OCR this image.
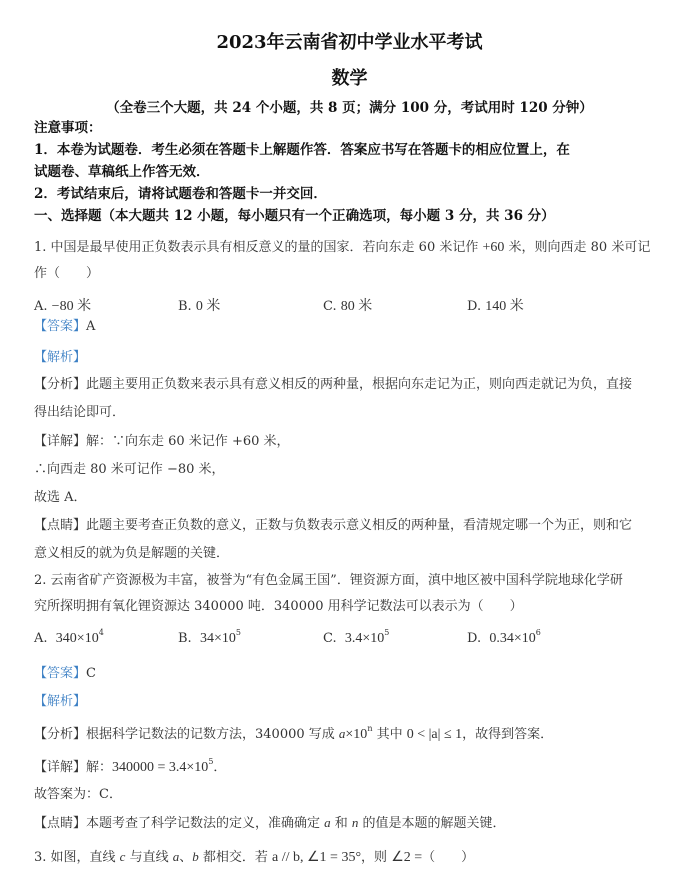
2023年云南省初中学业水平考试
数学
（全卷三个大题，共 24 个小题，共 8 页；满分 100 分，考试用时 120 分钟）
注意事项：
1．本卷为试题卷．考生必须在答题卡上解题作答．答案应书写在答题卡的相应位置上，在
试题卷、草稿纸上作答无效．
2．考试结束后，请将试题卷和答题卡一并交回．
一、选择题（本大题共 12 小题，每小题只有一个正确选项，每小题 3 分，共 36 分）
1. 中国是最早使用正负数表示具有相反意义的量的国家．若向东走 60 米记作 +60 米，则向西走 80 米可记
作（　　）
【答案】A
【解析】
【分析】此题主要用正负数来表示具有意义相反的两种量，根据向东走记为正，则向西走就记为负，直接
得出结论即可．
【详解】解：∵向东走 60 米记作 +60 米，
∴向西走 80 米可记作 −80 米，
故选 A．
【点睛】此题主要考查正负数的意义，正数与负数表示意义相反的两种量，看清规定哪一个为正，则和它
意义相反的就为负是解题的关键．
2. 云南省矿产资源极为丰富，被誉为“有色金属王国”．锂资源方面，滇中地区被中国科学院地球化学研
究所探明拥有氧化锂资源达 340000 吨．340000 用科学记数法可以表示为（　　）
【答案】C
【解析】
【分析】根据科学记数法的记数方法，340000 写成 $a\times 10^n$ 其中 0 < |a| ≤ 1，故得到答案．
【详解】解：$340000 = 3.4\times 10^5$．
故答案为：C．
【点睛】本题考查了科学记数法的定义，准确确定 a 和 n 的值是本题的解题关键．
3. 如图，直线 c 与直线 a、b 都相交．若 a // b, ∠1 = 35°，则 ∠2 =（　　）
A. −80 米	B. 0 米	C. 80 米	D. 140 米
A. $340\times 10^4$	B. $34\times 10^5$	C. $3.4\times 10^5$	D. $0.34\times 10^6$
